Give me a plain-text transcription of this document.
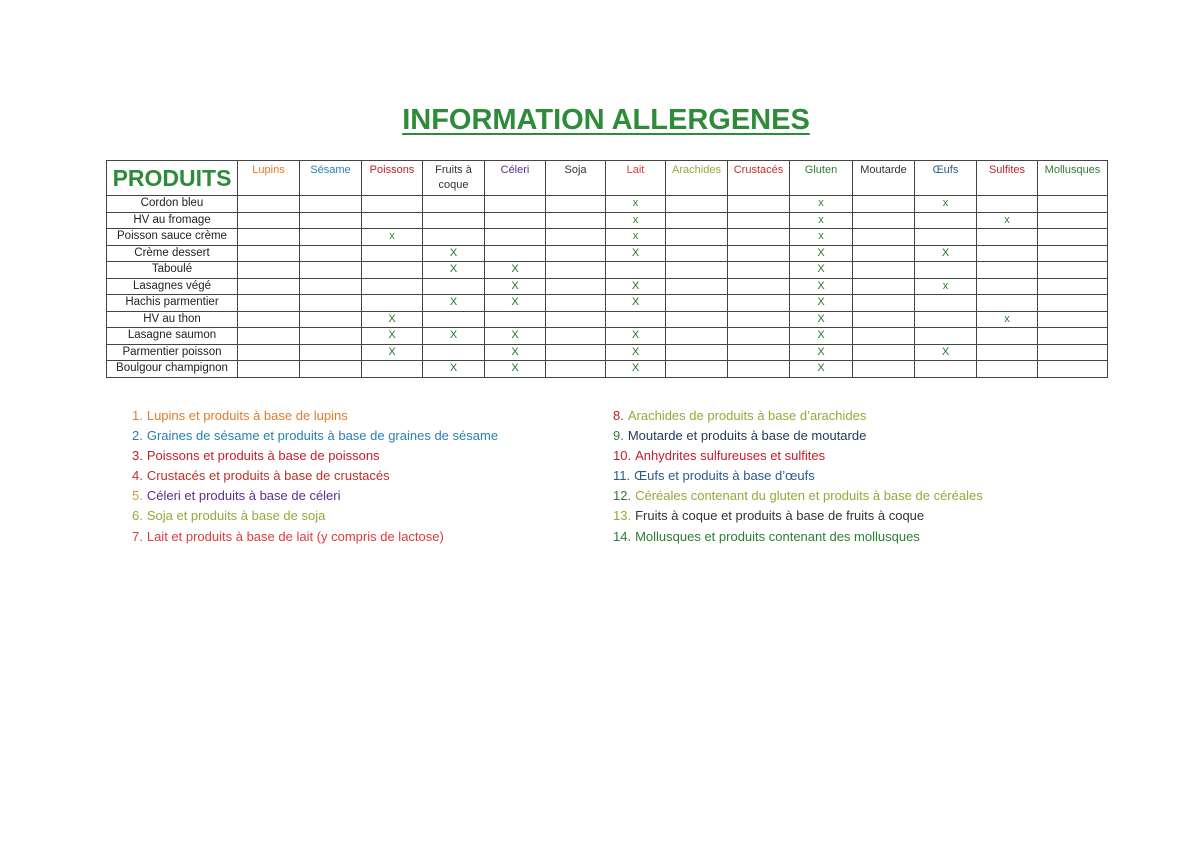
INFORMATION ALLERGENES
PRODUITS	Lupins	Sésame	Poissons	Fruits à coque	Céleri	Soja	Lait	Arachides	Crustacés	Gluten	Moutarde	Œufs	Sulfites	Mollusques
Cordon bleu							x			x		x		
HV au fromage							x			x			x	
Poisson sauce crème			x				x			x				
Crème dessert				X			X			X		X		
Taboulé				X	X					X				
Lasagnes végé					X		X			X		x		
Hachis parmentier				X	X		X			X				
HV au thon			X							X			x	
Lasagne saumon			X	X	X		X			X				
Parmentier poisson			X		X		X			X		X		
Boulgour champignon				X	X		X			X				
1. Lupins et produits à base de lupins
2. Graines de sésame et produits à base de graines de sésame
3. Poissons et produits à base de poissons
4. Crustacés et produits à base de crustacés
5. Céleri et produits à base de céleri
6. Soja et produits à base de soja
7. Lait et produits à base de lait (y compris de lactose)
8. Arachides de produits à base d’arachides
9. Moutarde et produits à base de moutarde
10. Anhydrites sulfureuses et sulfites
11. Œufs et produits à base d’œufs
12. Céréales contenant du gluten et produits à base de céréales
13. Fruits à coque et produits à base de fruits à coque
14. Mollusques et produits contenant des mollusques
